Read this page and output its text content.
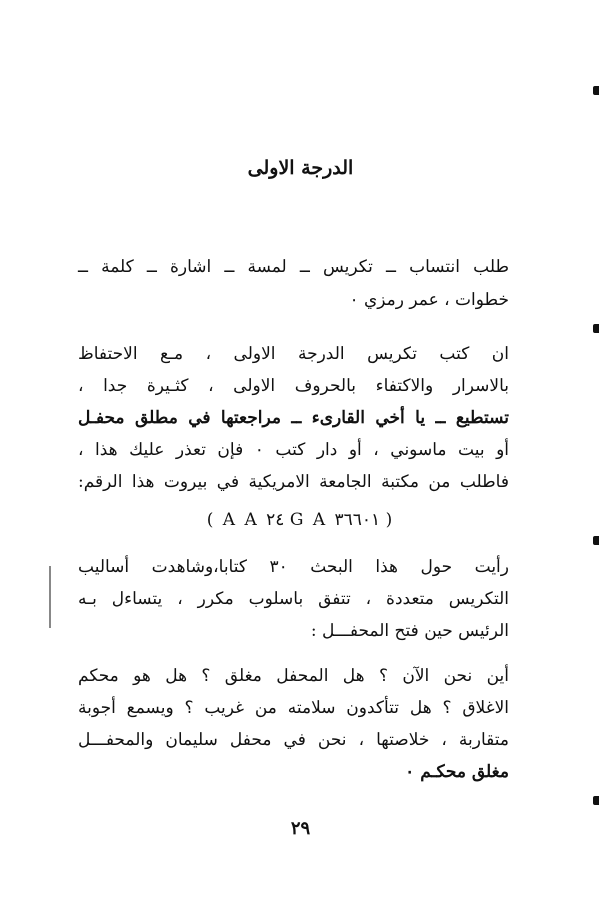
الدرجة الاولى

طلب انتساب ــ تكريس ــ لمسة ــ اشارة ــ كلمة ــ

خطوات ، عمر رمزي ٠

ان كتب تكريس الدرجة الاولى ، مـع الاحتفاظ

بالاسرار والاكتفاء بالحروف الاولى ، كثـيرة جدا ،

تستطيع ــ يا أخي القارىء ــ مراجعتها في مطلق محفـل

أو بيت ماسوني ، أو دار كتب ٠ فإن تعذر عليك هذا ،

فاطلب من مكتبة الجامعة الامريكية في بيروت هذا الرقم:

( A A ٢٤ G A ٣٦٦٠١ )

رأيت حول هذا البحث ٣٠ كتابا،وشاهدت أساليب

التكريس متعددة ، تتفق باسلوب مكرر ، يتساءل بـه

الرئيس حين فتح المحفـــل :

أين نحن الآن ؟ هل المحفل مغلق ؟ هل هو محكم

الاغلاق ؟ هل تتأكدون سلامته من غريب ؟ ويسمع أجوبة

متقاربة ، خلاصتها ، نحن في محفل سليمان والمحفـــل

مغلق محكـم ٠

٢٩
